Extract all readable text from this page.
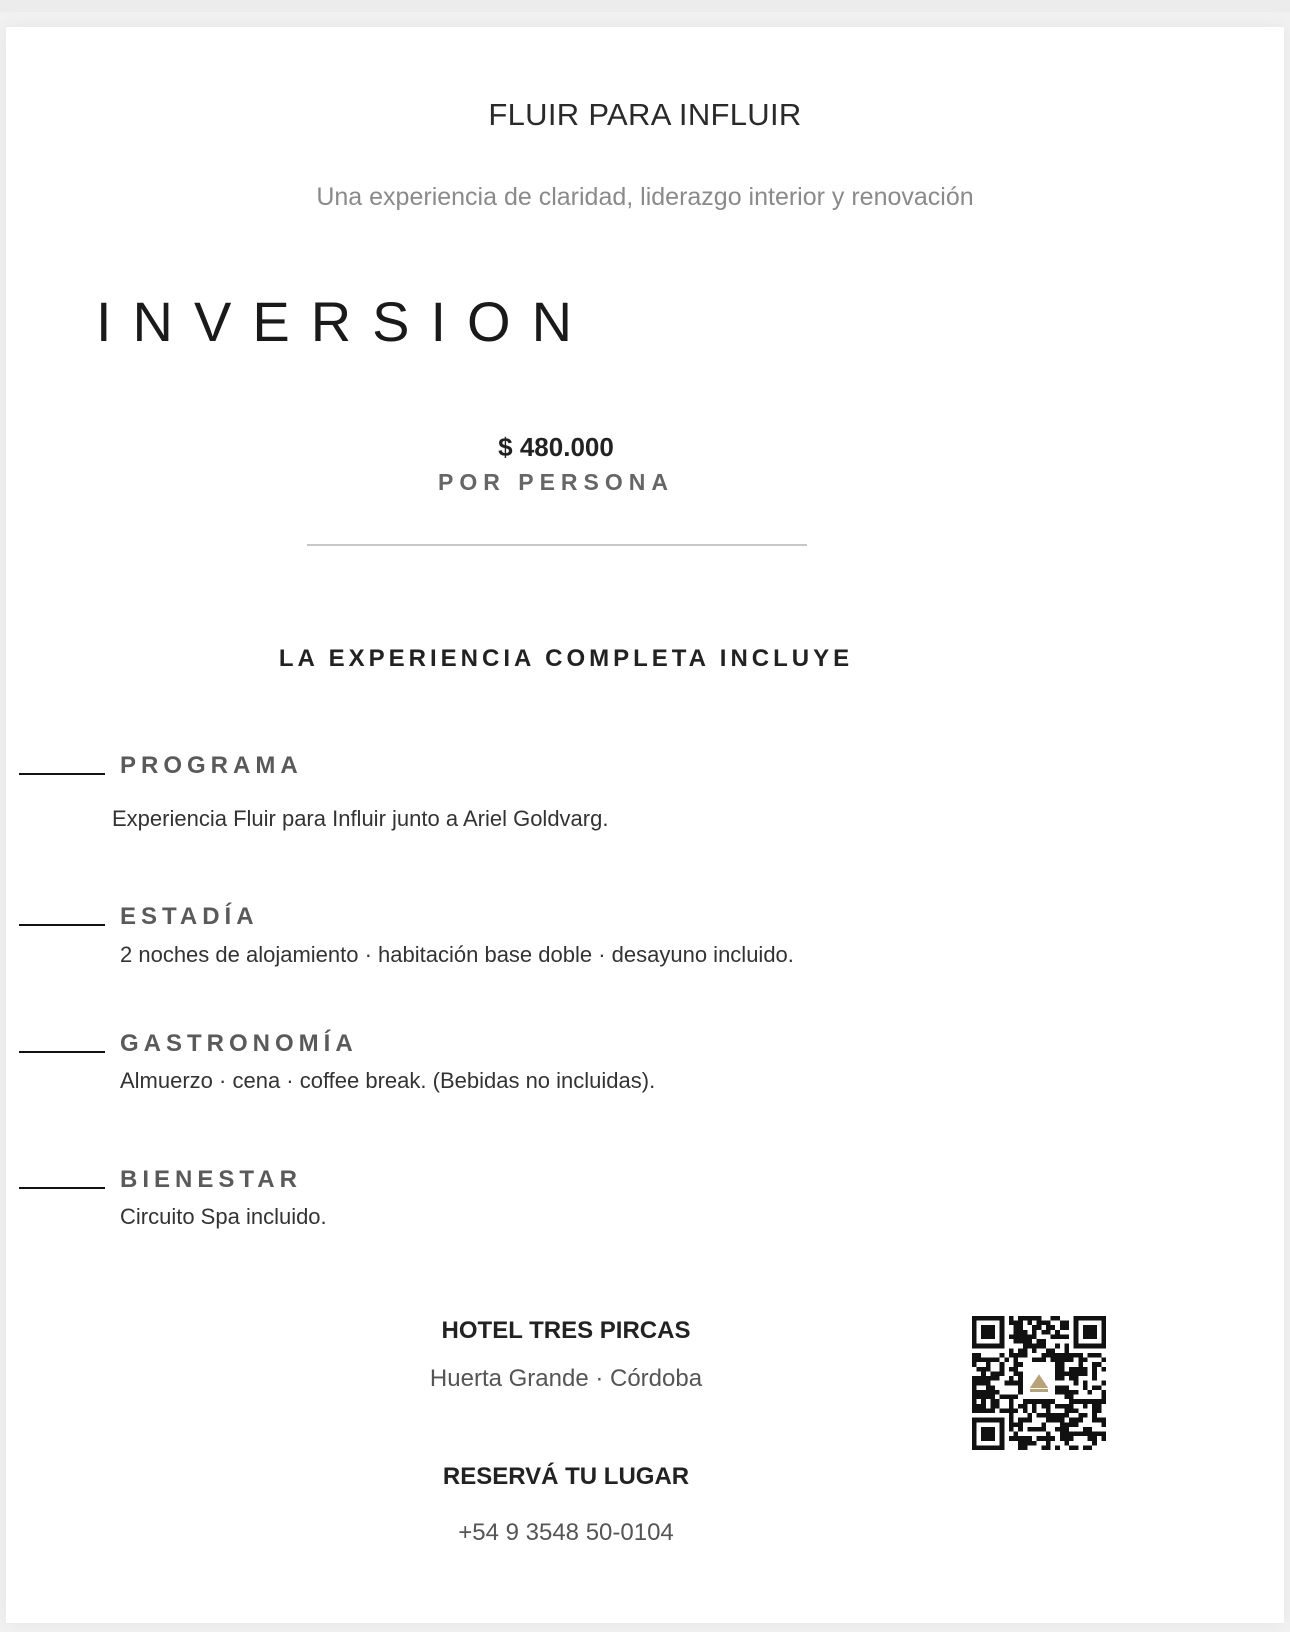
FLUIR PARA INFLUIR

Una experiencia de claridad, liderazgo interior y renovación

INVERSION

$ 480.000

POR PERSONA

LA EXPERIENCIA COMPLETA INCLUYE

PROGRAMA

Experiencia Fluir para Influir junto a Ariel Goldvarg.

ESTADÍA

2 noches de alojamiento · habitación base doble · desayuno incluido.

GASTRONOMÍA

Almuerzo · cena · coffee break. (Bebidas no incluidas).

BIENESTAR

Circuito Spa incluido.

HOTEL TRES PIRCAS

Huerta Grande · Córdoba

RESERVÁ TU LUGAR

+54 9 3548 50-0104
